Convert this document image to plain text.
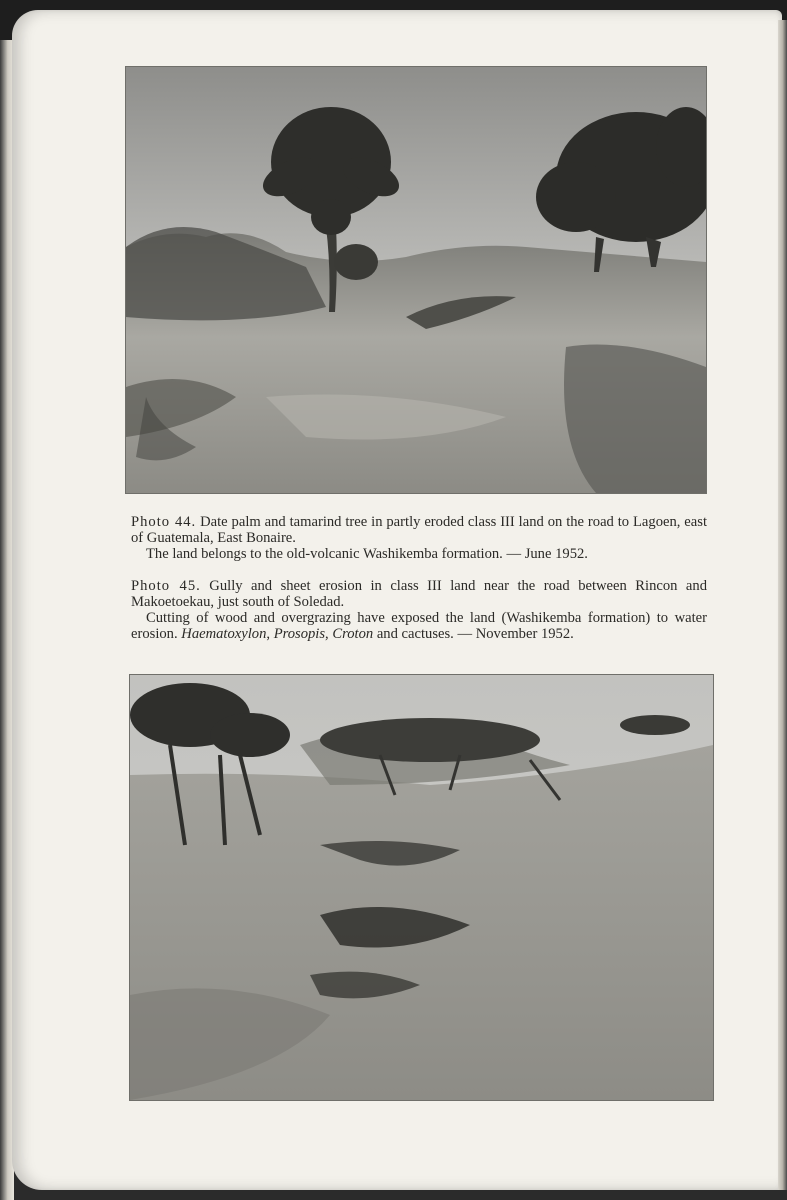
Photo 44. Date palm and tamarind tree in partly eroded class III land on the road to Lagoen, east of Guatemala, East Bonaire.

The land belongs to the old-volcanic Washikemba formation. — June 1952.

Photo 45. Gully and sheet erosion in class III land near the road between Rincon and Makoetoekau, just south of Soledad.

Cutting of wood and overgrazing have exposed the land (Washikemba formation) to water erosion. Haematoxylon, Prosopis, Croton and cactuses. — November 1952.
